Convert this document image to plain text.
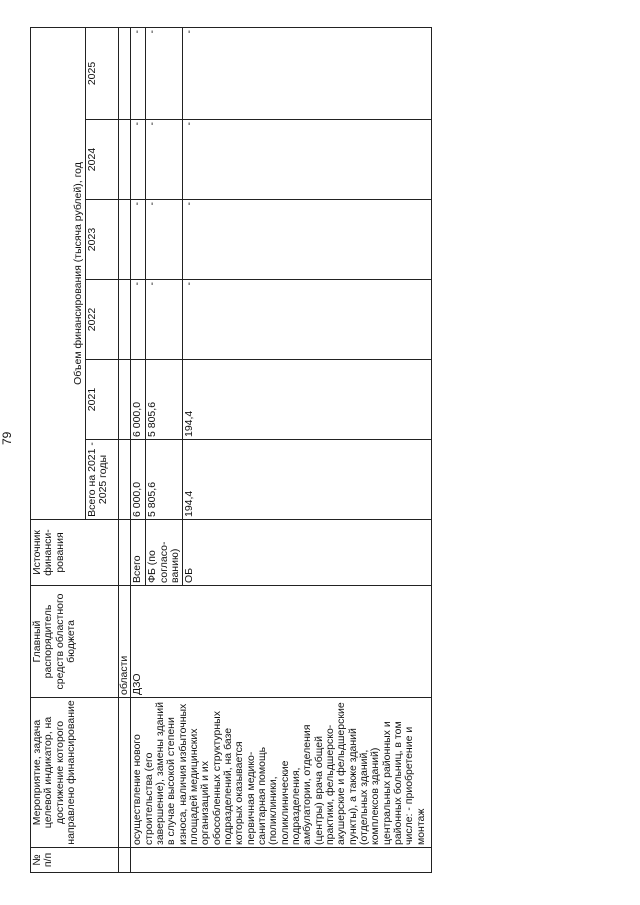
79
№ п/п	Мероприятие, задача целевой индикатор, на достижение которого направлено финансирование	Главный распорядитель средств областного бюджета	Источник финанси-рования	Объем финансирования (тысяча рублей), год					
				Всего на 2021 - 2025 годы	2021	2022	2023	2024	2025
		области							
	осуществление нового строительства (его завершение), замены зданий в случае высокой степени износа, наличия избыточных площадей медицинских организаций и их обособленных структурных подразделений, на базе которых оказывается первичная медико-санитарная помощь (поликлиники, поликлинические подразделения, амбулатории, отделения (центры) врача общей практики, фельдшерско-акушерские и фельдшерские пункты), а также зданий (отдельных зданий, комплексов зданий) центральных районных и районных больниц, в том числе: - приобретение и монтаж	ДЗО	Всего	6 000,0	6 000,0	-	-	-	-
			ФБ (по согласо-ванию)	5 805,6	5 805,6	-	-	-	-
			ОБ	194,4	194,4	-	-	-	-
